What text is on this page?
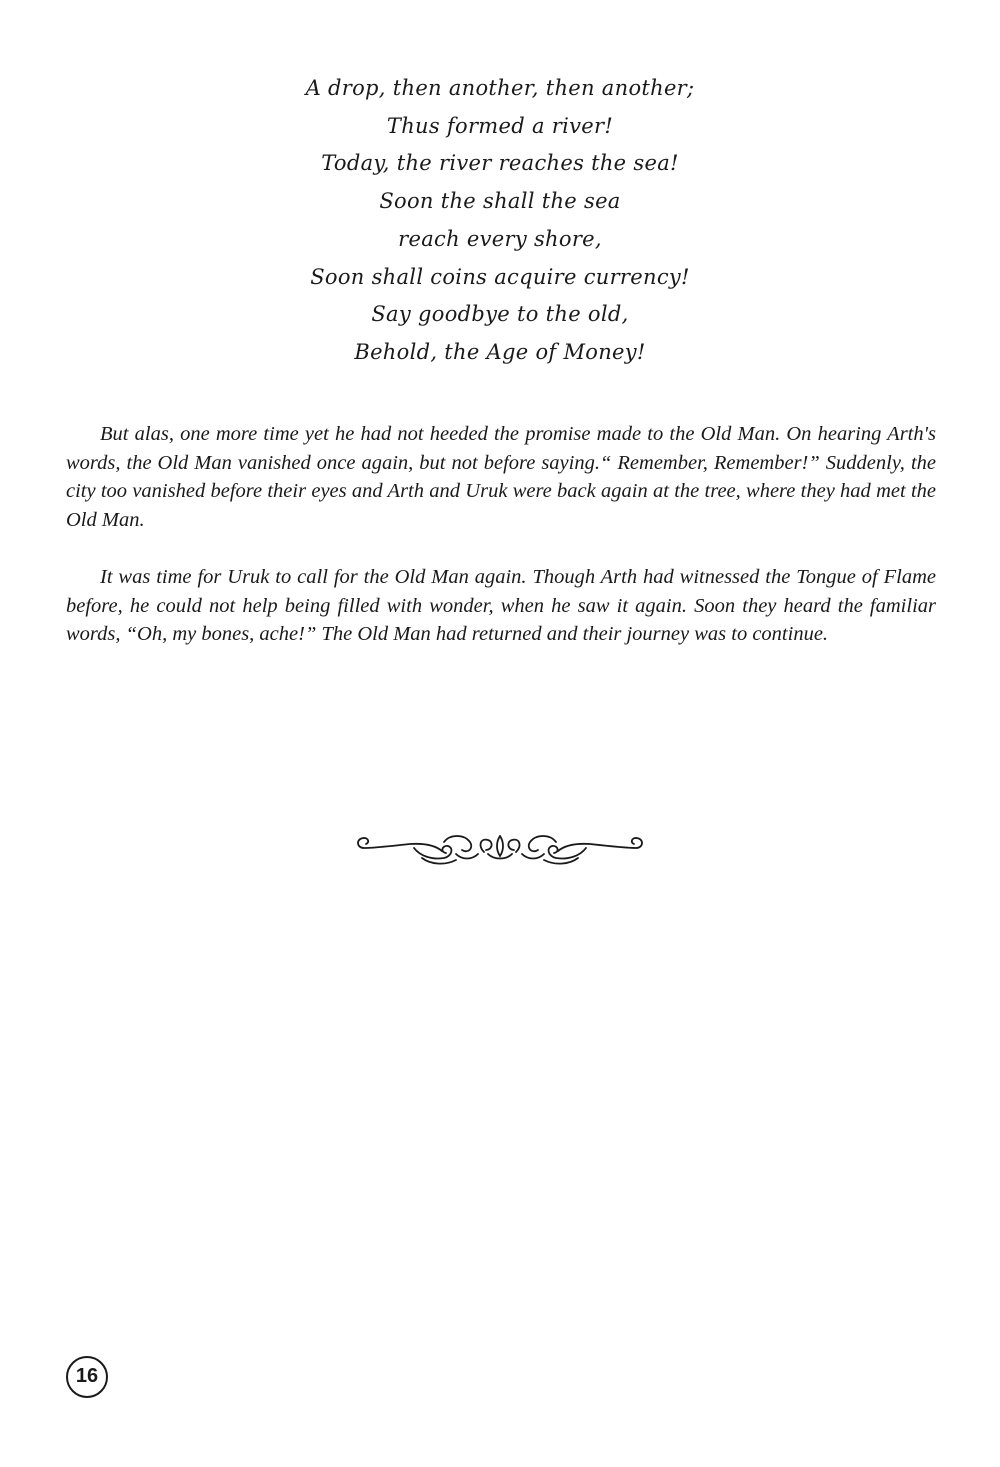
A drop, then another, then another;
Thus formed a river!
Today, the river reaches the sea!
Soon the shall the sea
reach every shore,
Soon shall coins acquire currency!
Say goodbye to the old,
Behold, the Age of Money!

But alas, one more time yet he had not heeded the promise made to the Old Man. On hearing Arth's words, the Old Man vanished once again, but not before saying.“ Remember, Remember!” Suddenly, the city too vanished before their eyes and Arth and Uruk were back again at the tree, where they had met the Old Man.

It was time for Uruk to call for the Old Man again. Though Arth had witnessed the Tongue of Flame before, he could not help being filled with wonder, when he saw it again. Soon they heard the familiar words, “Oh, my bones, ache!” The Old Man had returned and their journey was to continue.

16
